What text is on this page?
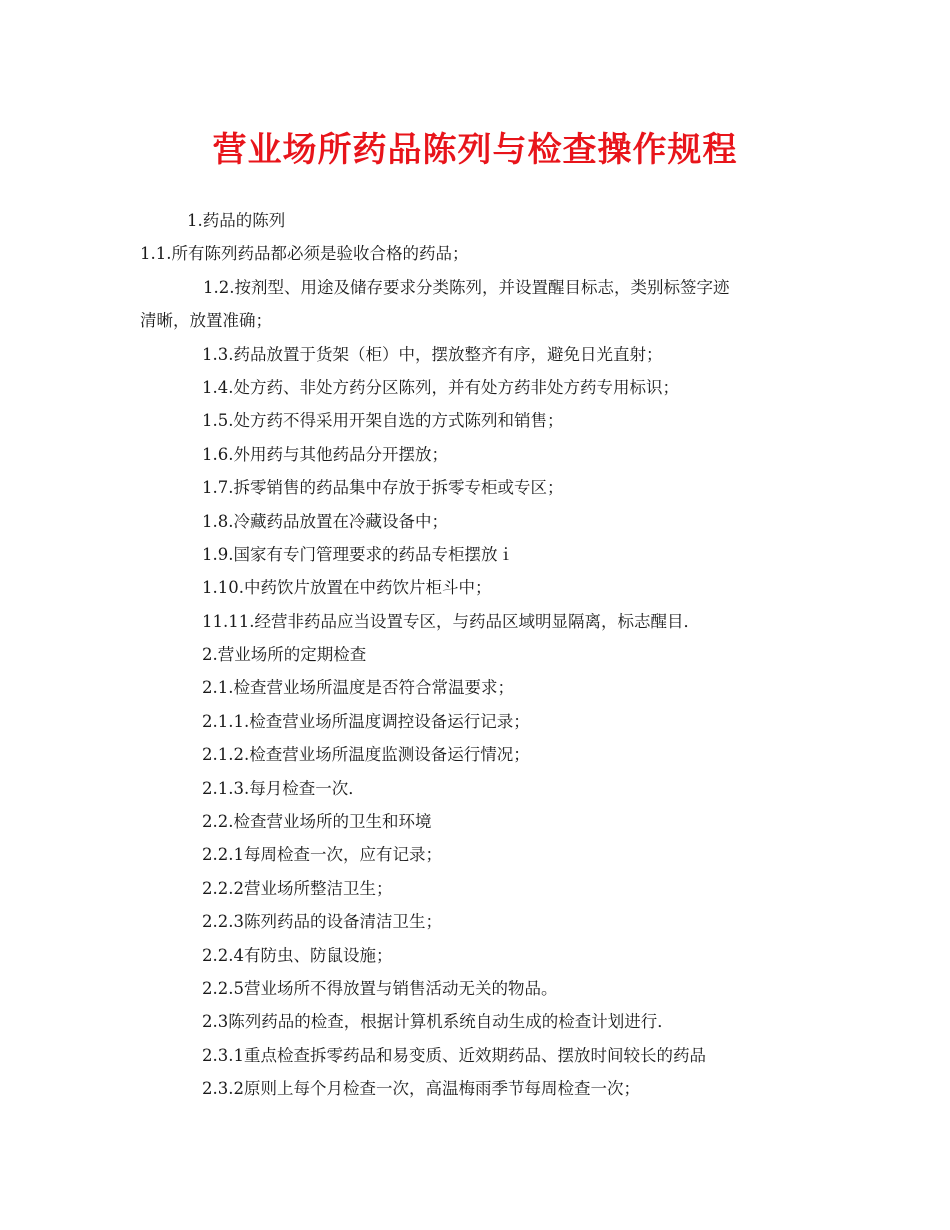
营业场所药品陈列与检查操作规程

1.药品的陈列

1.1.所有陈列药品都必须是验收合格的药品；

1.2.按剂型、用途及储存要求分类陈列，并设置醒目标志，类别标签字迹

清晰，放置准确；

1.3.药品放置于货架（柜）中，摆放整齐有序，避免日光直射；

1.4.处方药、非处方药分区陈列，并有处方药非处方药专用标识；

1.5.处方药不得采用开架自选的方式陈列和销售；

1.6.外用药与其他药品分开摆放；

1.7.拆零销售的药品集中存放于拆零专柜或专区；

1.8.冷藏药品放置在冷藏设备中；

1.9.国家有专门管理要求的药品专柜摆放ｉ

1.10.中药饮片放置在中药饮片柜斗中；

11.11.经营非药品应当设置专区，与药品区域明显隔离，标志醒目．

2.营业场所的定期检查

2.1.检查营业场所温度是否符合常温要求；

2.1.1.检查营业场所温度调控设备运行记录；

2.1.2.检查营业场所温度监测设备运行情况；

2.1.3.每月检查一次．

2.2.检查营业场所的卫生和环境

2.2.1每周检查一次，应有记录；

2.2.2营业场所整洁卫生；

2.2.3陈列药品的设备清洁卫生；

2.2.4有防虫、防鼠设施；

2.2.5营业场所不得放置与销售活动无关的物品。

2.3陈列药品的检查，根据计算机系统自动生成的检查计划进行．

2.3.1重点检查拆零药品和易变质、近效期药品、摆放时间较长的药品

2.3.2原则上每个月检查一次，高温梅雨季节每周检查一次；
